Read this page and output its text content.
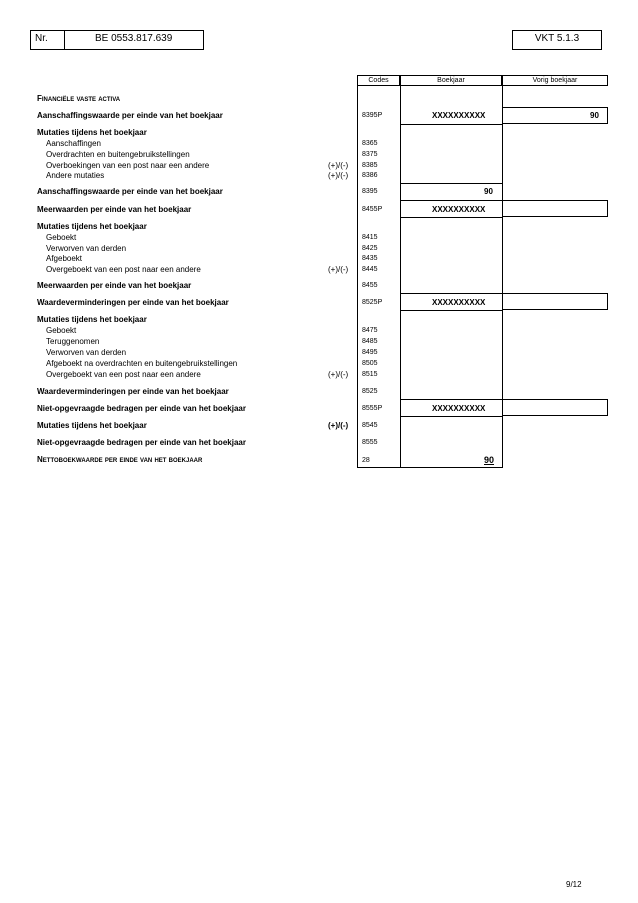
Nr.	BE 0553.817.639	VKT 5.1.3
Codes	Boekjaar	Vorig boekjaar
Financiële vaste activa
Aanschaffingswaarde per einde van het boekjaar	8395P	XXXXXXXXXX	90
Mutaties tijdens het boekjaar
Aanschaffingen	8365
Overdrachten en buitengebruikstellingen	8375
Overboekingen van een post naar een andere	(+)/(-) 8385
Andere mutaties	(+)/(-) 8386
Aanschaffingswaarde per einde van het boekjaar	8395	90
Meerwaarden per einde van het boekjaar	8455P	XXXXXXXXXX
Mutaties tijdens het boekjaar
Geboekt	8415
Verworven van derden	8425
Afgeboekt	8435
Overgeboekt van een post naar een andere	(+)/(-) 8445
Meerwaarden per einde van het boekjaar	8455
Waardeverminderingen per einde van het boekjaar	8525P	XXXXXXXXXX
Mutaties tijdens het boekjaar
Geboekt	8475
Teruggenomen	8485
Verworven van derden	8495
Afgeboekt na overdrachten en buitengebruikstellingen	8505
Overgeboekt van een post naar een andere	(+)/(-) 8515
Waardeverminderingen per einde van het boekjaar	8525
Niet-opgevraagde bedragen per einde van het boekjaar	8555P	XXXXXXXXXX
Mutaties tijdens het boekjaar	(+)/(-) 8545
Niet-opgevraagde bedragen per einde van het boekjaar	8555
Nettoboekwaarde per einde van het boekjaar	28	90
9/12
